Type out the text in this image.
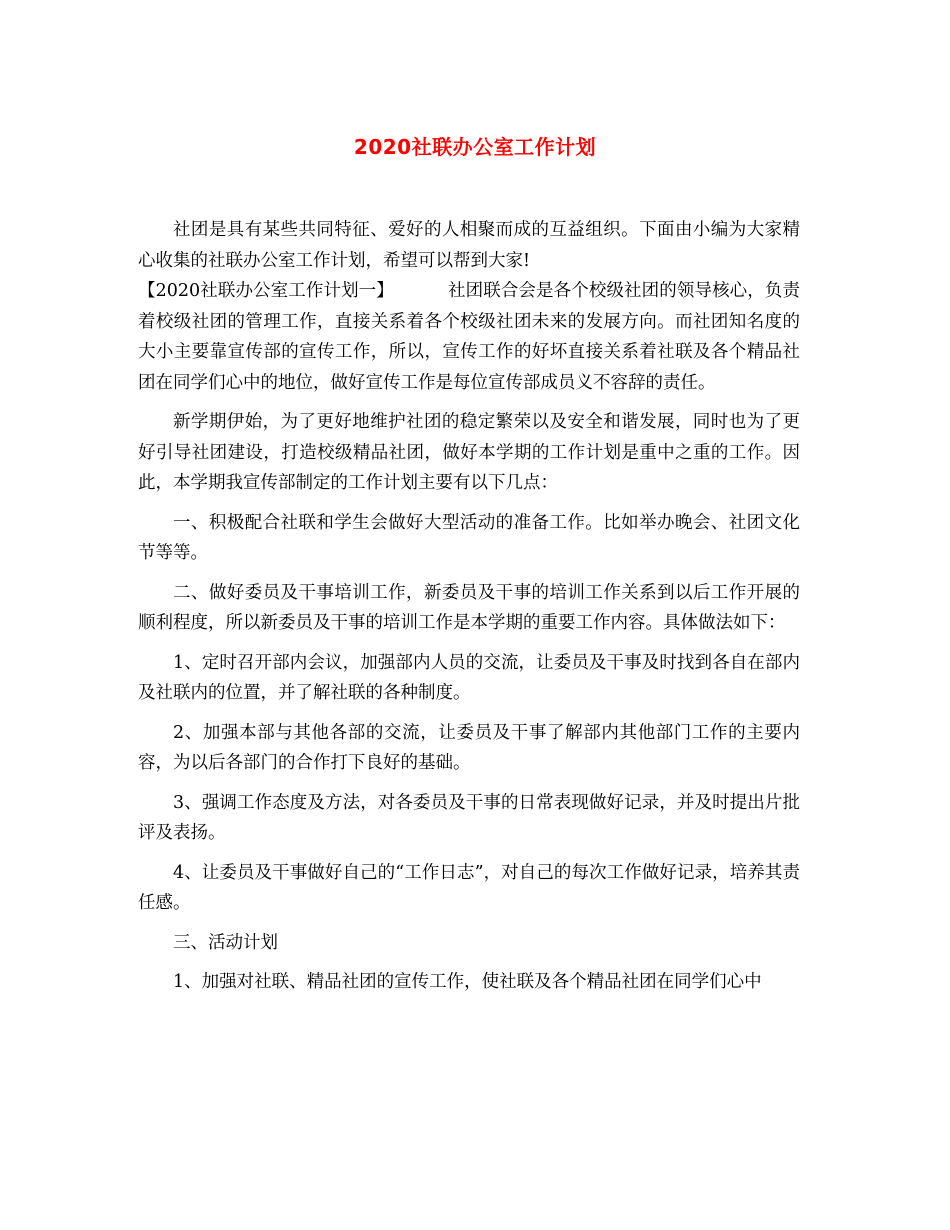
2020社联办公室工作计划

社团是具有某些共同特征、爱好的人相聚而成的互益组织。下面由小编为大家精心收集的社联办公室工作计划，希望可以帮到大家!

【2020社联办公室工作计划一】	社团联合会是各个校级社团的领导核心，负责着校级社团的管理工作，直接关系着各个校级社团未来的发展方向。而社团知名度的大小主要靠宣传部的宣传工作，所以，宣传工作的好坏直接关系着社联及各个精品社团在同学们心中的地位，做好宣传工作是每位宣传部成员义不容辞的责任。

新学期伊始，为了更好地维护社团的稳定繁荣以及安全和谐发展，同时也为了更好引导社团建设，打造校级精品社团，做好本学期的工作计划是重中之重的工作。因此，本学期我宣传部制定的工作计划主要有以下几点：

一、积极配合社联和学生会做好大型活动的准备工作。比如举办晚会、社团文化节等等。

二、做好委员及干事培训工作，新委员及干事的培训工作关系到以后工作开展的顺利程度，所以新委员及干事的培训工作是本学期的重要工作内容。具体做法如下：

1、定时召开部内会议，加强部内人员的交流，让委员及干事及时找到各自在部内及社联内的位置，并了解社联的各种制度。

2、加强本部与其他各部的交流，让委员及干事了解部内其他部门工作的主要内容，为以后各部门的合作打下良好的基础。

3、强调工作态度及方法，对各委员及干事的日常表现做好记录，并及时提出片批评及表扬。

4、让委员及干事做好自己的“工作日志”，对自己的每次工作做好记录，培养其责任感。

三、活动计划

1、加强对社联、精品社团的宣传工作，使社联及各个精品社团在同学们心中
